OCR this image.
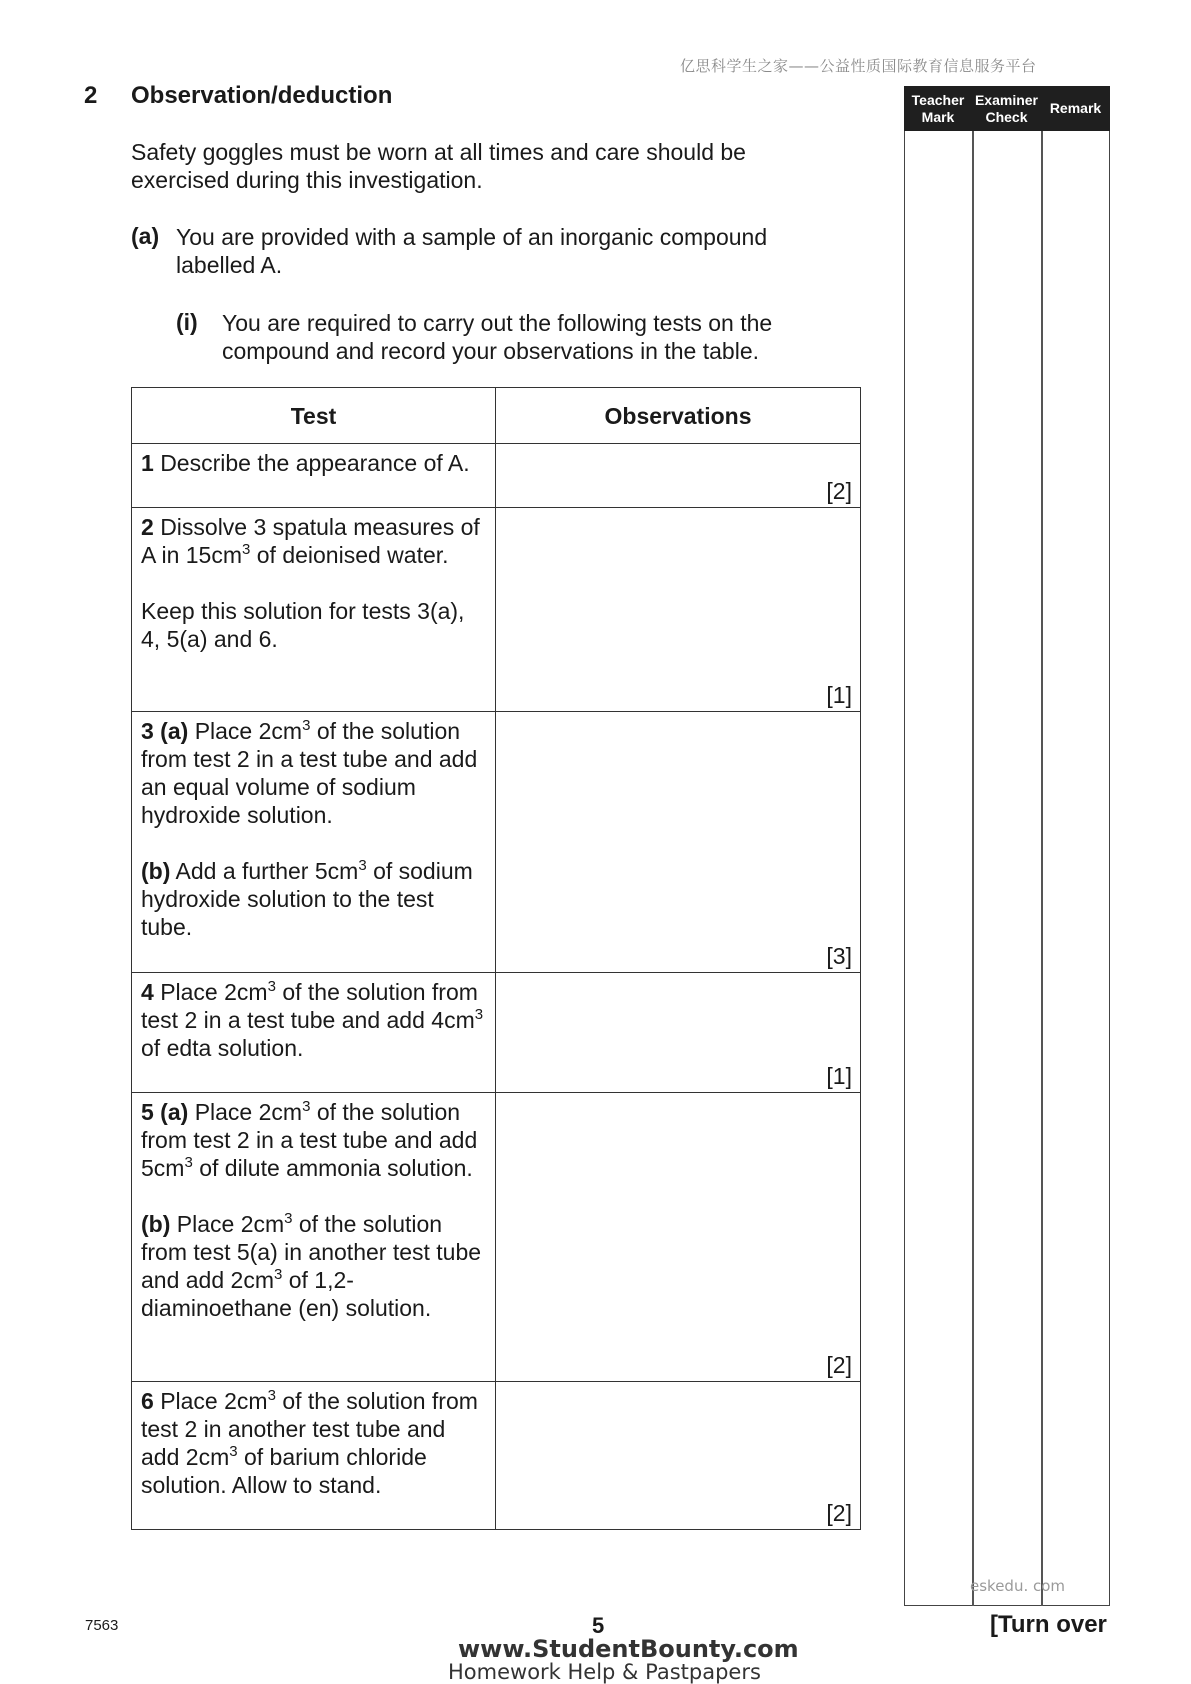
亿思科学生之家——公益性质国际教育信息服务平台
2 Observation/deduction
Safety goggles must be worn at all times and care should be exercised during this investigation.
(a) You are provided with a sample of an inorganic compound labelled A.
(i) You are required to carry out the following tests on the compound and record your observations in the table.
Test	Observations
1 Describe the appearance of A.	[2]

2 Dissolve 3 spatula measures of A in $15cm^3$ of deionised water.
Keep this solution for tests 3(a), 4, 5(a) and 6.	[1]

3 (a) Place $2cm^3$ of the solution from test 2 in a test tube and add an equal volume of sodium hydroxide solution.
(b) Add a further $5cm^3$ of sodium hydroxide solution to the test tube.	[3]

4 Place $2cm^3$ of the solution from test 2 in a test tube and add $4cm^3$ of edta solution.	[1]

5 (a) Place $2cm^3$ of the solution from test 2 in a test tube and add $5cm^3$ of dilute ammonia solution.
(b) Place $2cm^3$ of the solution from test 5(a) in another test tube and add $2cm^3$ of 1,2-diaminoethane (en) solution.	[2]

6 Place $2cm^3$ of the solution from test 2 in another test tube and add $2cm^3$ of barium chloride solution. Allow to stand.	[2]
Teacher Mark
Examiner Check
Remark
eskedu. com
7563	5	[Turn over
www.StudentBounty.com
Homework Help & Pastpapers
